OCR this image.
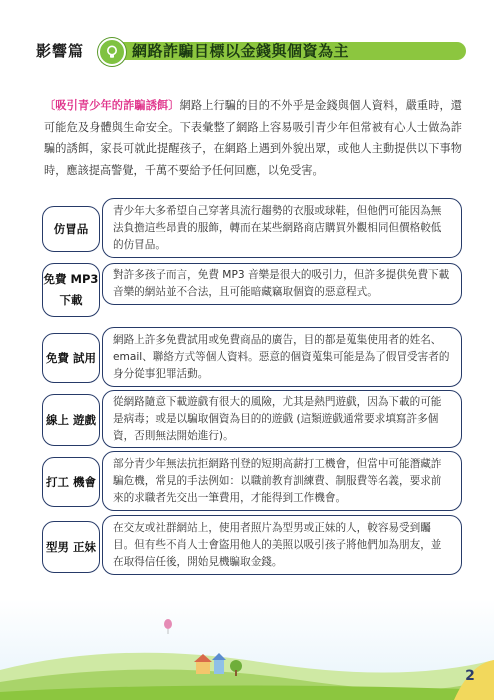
影響篇	網路詐騙目標以金錢與個資為主
〔吸引青少年的詐騙誘餌〕網路上行騙的目的不外乎是金錢與個人資料，嚴重時，還可能危及身體與生命安全。下表彙整了網路上容易吸引青少年但常被有心人士做為詐騙的誘餌，家長可就此提醒孩子，在網路上遇到外貌出眾，或他人主動提供以下事物時，應該提高警覺，千萬不要給予任何回應，以免受害。
仿冒品
青少年大多希望自己穿著具流行趨勢的衣服或球鞋，但他們可能因為無法負擔這些昂貴的服飾，轉而在某些網路商店購買外觀相同但價格較低的仿冒品。
免費 MP3 下載
對許多孩子而言，免費 MP3 音樂是很大的吸引力，但許多提供免費下載音樂的網站並不合法，且可能暗藏竊取個資的惡意程式。
免費 試用
網路上許多免費試用或免費商品的廣告，目的都是蒐集使用者的姓名、email、聯絡方式等個人資料。惡意的個資蒐集可能是為了假冒受害者的身分從事犯罪活動。
線上 遊戲
從網路隨意下載遊戲有很大的風險，尤其是熱門遊戲，因為下載的可能是病毒；或是以騙取個資為目的的遊戲 (這類遊戲通常要求填寫許多個資，否則無法開始進行)。
打工 機會
部分青少年無法抗拒網路刊登的短期高薪打工機會，但當中可能潛藏詐騙危機，常見的手法例如：以職前教育訓練費、制服費等名義，要求前來的求職者先交出一筆費用，才能得到工作機會。
型男 正妹
在交友或社群網站上，使用者照片為型男或正妹的人，較容易受到矚目。但有些不肖人士會盜用他人的美照以吸引孩子將他們加為朋友，並在取得信任後，開始見機騙取金錢。
2
